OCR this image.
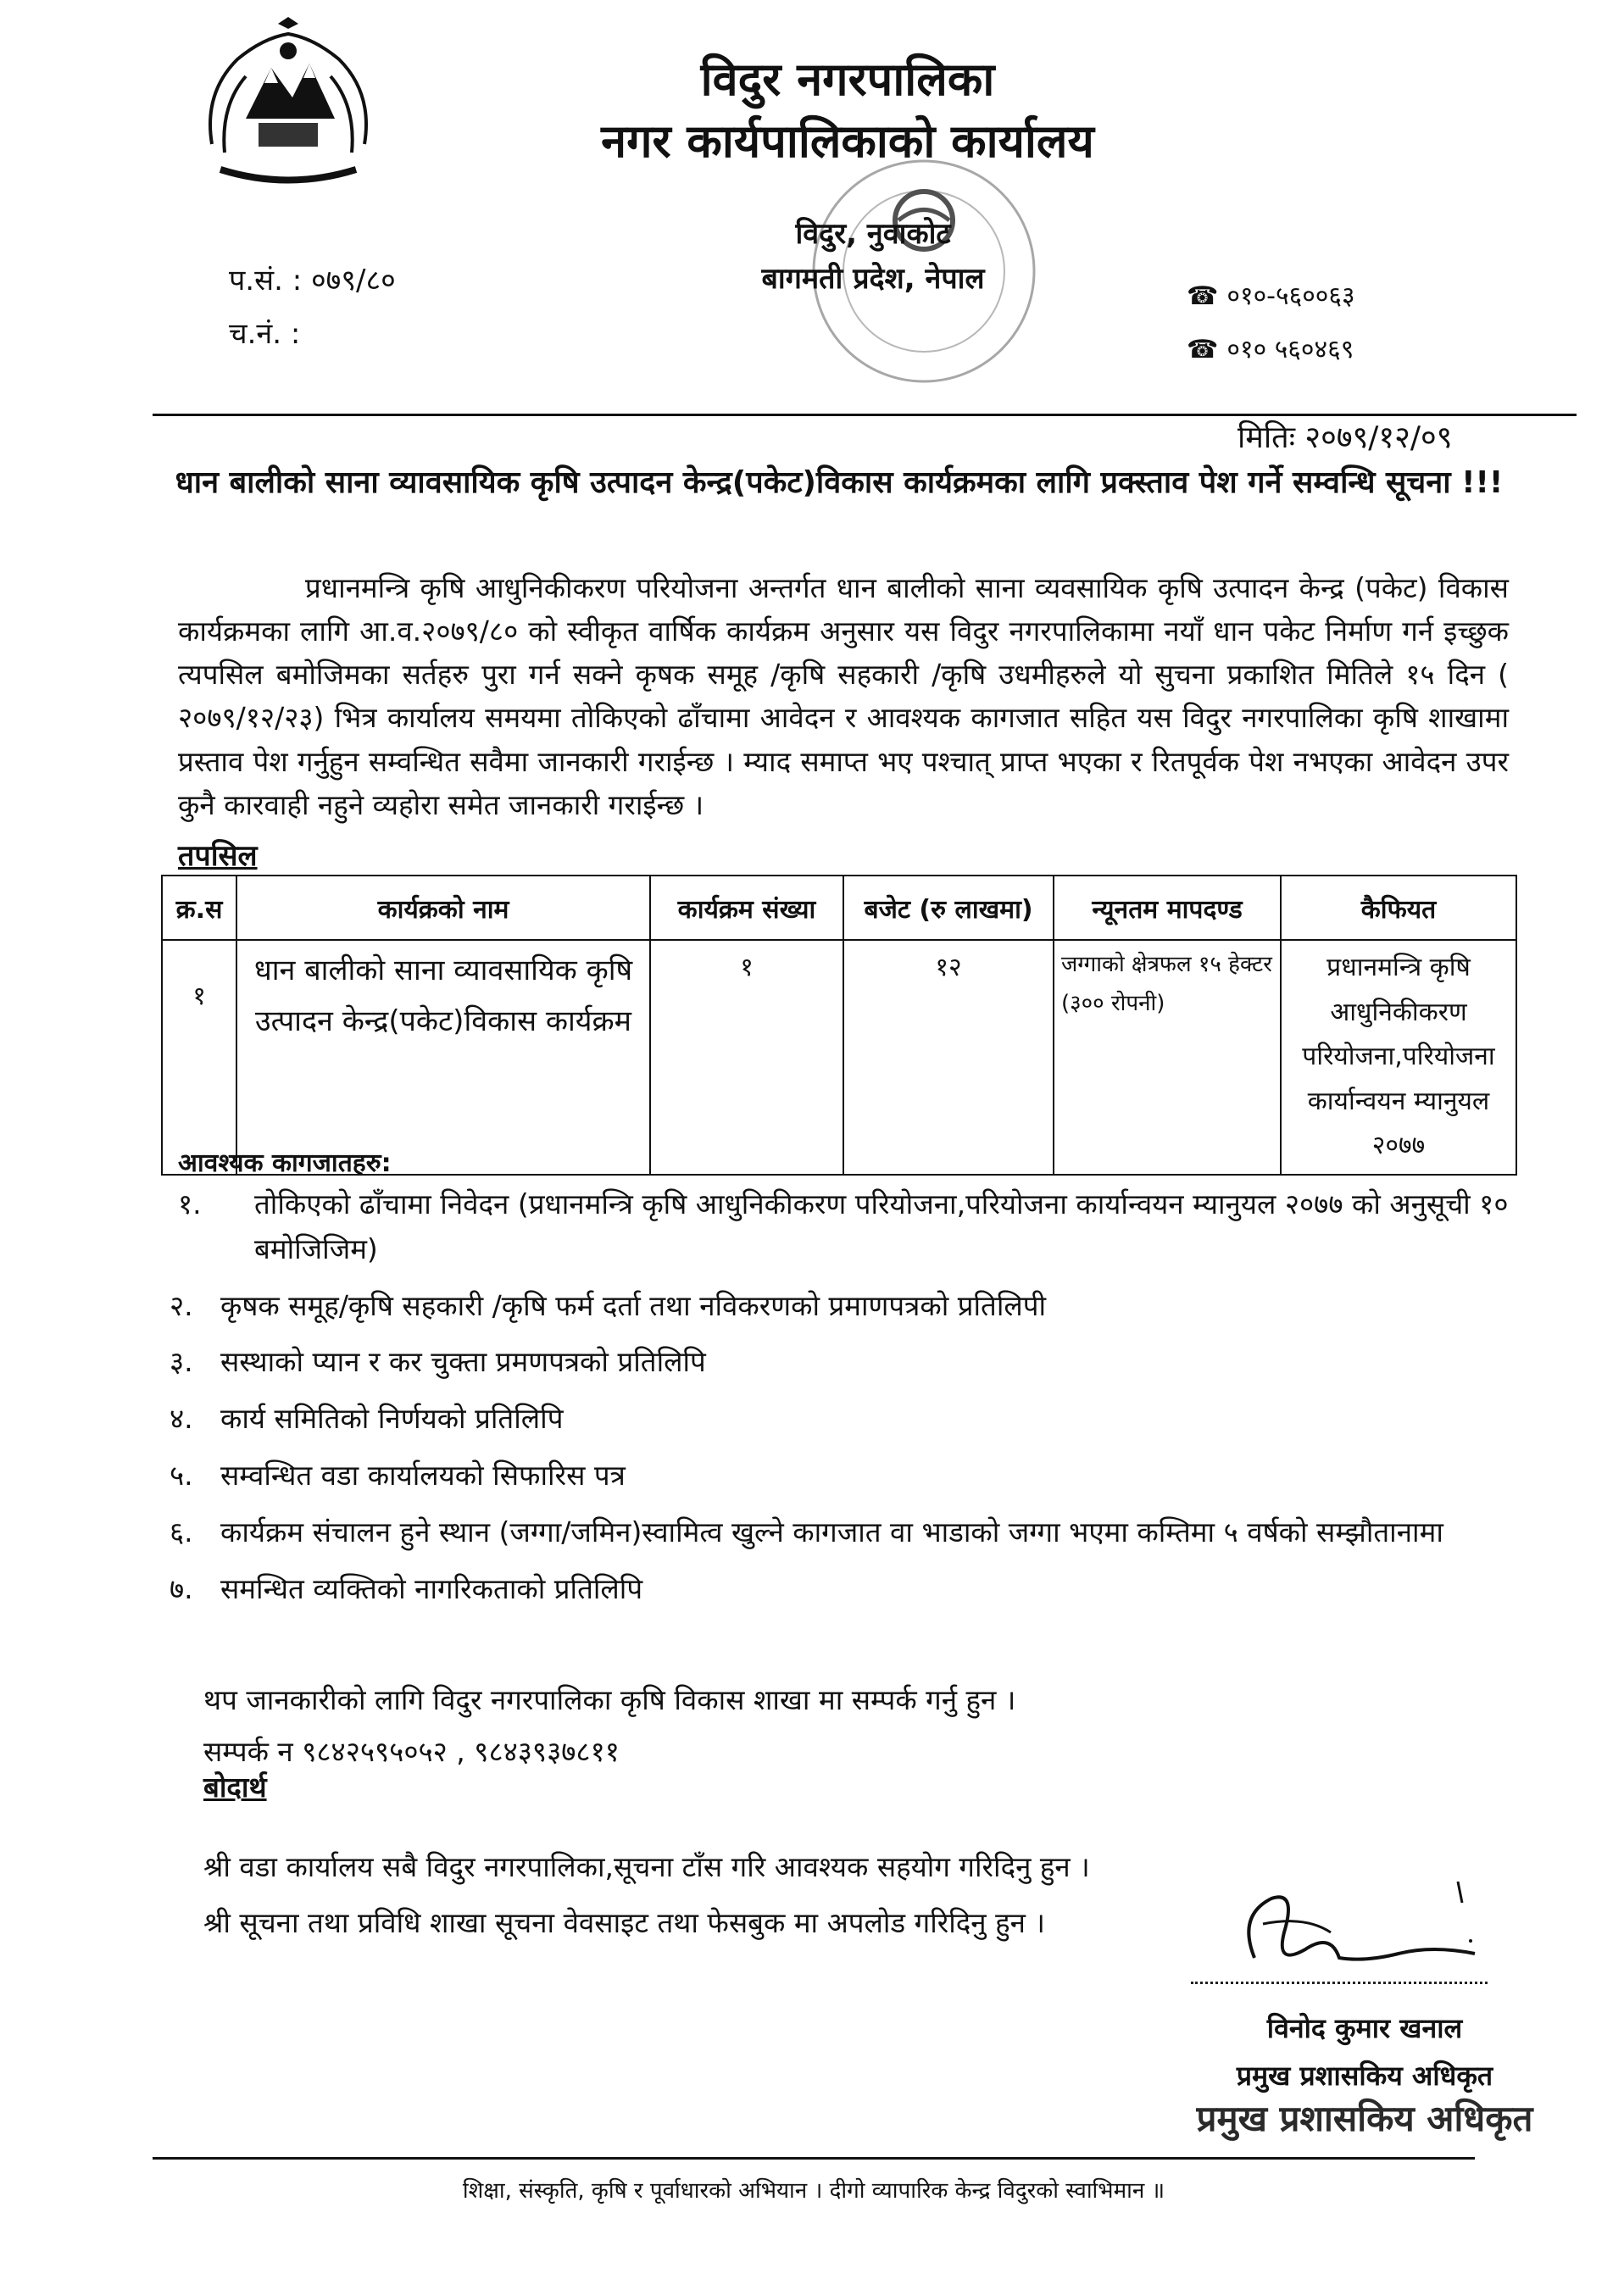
विदुर नगरपालिका
नगर कार्यपालिकाको कार्यालय
विदुर, नुवाकोट
बागमती प्रदेश, नेपाल
प.सं. : ०७९/८०
च.नं. :
☎ ०१०-५६००६३
☎ ०१० ५६०४६९
मितिः २०७९/१२/०९
धान बालीको साना व्यावसायिक कृषि उत्पादन केन्द्र(पकेट)विकास कार्यक्रमका लागि प्रक्स्ताव पेश गर्ने सम्वन्धि सूचना !!!
प्रधानमन्त्रि कृषि आधुनिकीकरण परियोजना अन्तर्गत धान बालीको साना व्यवसायिक कृषि उत्पादन केन्द्र (पकेट) विकास कार्यक्रमका लागि आ.व.२०७९/८० को स्वीकृत वार्षिक कार्यक्रम अनुसार यस विदुर नगरपालिकामा नयाँ धान पकेट निर्माण गर्न इच्छुक त्यपसिल बमोजिमका सर्तहरु पुरा गर्न सक्ने कृषक समूह /कृषि सहकारी /कृषि उधमीहरुले यो सुचना प्रकाशित मितिले १५ दिन ( २०७९/१२/२३) भित्र कार्यालय समयमा तोकिएको ढाँचामा आवेदन र आवश्यक कागजात सहित यस विदुर नगरपालिका कृषि शाखामा प्रस्ताव पेश गर्नुहुन सम्वन्धित सवैमा जानकारी गराईन्छ । म्याद समाप्त भए पश्चात् प्राप्त भएका र रितपूर्वक पेश नभएका आवेदन उपर कुनै कारवाही नहुने व्यहोरा समेत जानकारी गराईन्छ ।
तपसिल
क्र.स	कार्यक्रको नाम	कार्यक्रम संख्या	बजेट (रु लाखमा)	न्यूनतम मापदण्ड	कैफियत
१	धान बालीको साना व्यावसायिक कृषि उत्पादन केन्द्र(पकेट)विकास कार्यक्रम	१	१२	जग्गाको क्षेत्रफल १५ हेक्टर (३०० रोपनी)	प्रधानमन्त्रि कृषि आधुनिकीकरण परियोजना,परियोजना कार्यान्वयन म्यानुयल २०७७
आवश्यक कागजातहरु:
१.	तोकिएको ढाँचामा निवेदन (प्रधानमन्त्रि कृषि आधुनिकीकरण परियोजना,परियोजना कार्यान्वयन म्यानुयल २०७७ को अनुसूची १० बमोजिजिम)
२. कृषक समूह/कृषि सहकारी /कृषि फर्म दर्ता तथा नविकरणको प्रमाणपत्रको प्रतिलिपी
३. सस्थाको प्यान र कर चुक्ता प्रमणपत्रको प्रतिलिपि
४. कार्य समितिको निर्णयको प्रतिलिपि
५. सम्वन्धित वडा कार्यालयको सिफारिस पत्र
६. कार्यक्रम संचालन हुने स्थान (जग्गा/जमिन)स्वामित्व खुल्ने कागजात वा भाडाको जग्गा भएमा कम्तिमा ५ वर्षको सम्झौतानामा
७. समन्धित व्यक्तिको नागरिकताको प्रतिलिपि
थप जानकारीको लागि विदुर नगरपालिका कृषि विकास शाखा मा सम्पर्क गर्नु हुन ।
सम्पर्क न ९८४२५९५०५२ , ९८४३९३७८११
बोदार्थ
श्री वडा कार्यालय सबै विदुर नगरपालिका,सूचना टाँस गरि आवश्यक सहयोग गरिदिनु हुन ।
श्री सूचना तथा प्रविधि शाखा सूचना वेवसाइट तथा फेसबुक मा अपलोड गरिदिनु हुन ।
विनोद कुमार खनाल
प्रमुख प्रशासकिय अधिकृत
प्रमुख प्रशासकिय अधिकृत
शिक्षा, संस्कृति, कृषि र पूर्वाधारको अभियान । दीगो व्यापारिक केन्द्र विदुरको स्वाभिमान ॥
